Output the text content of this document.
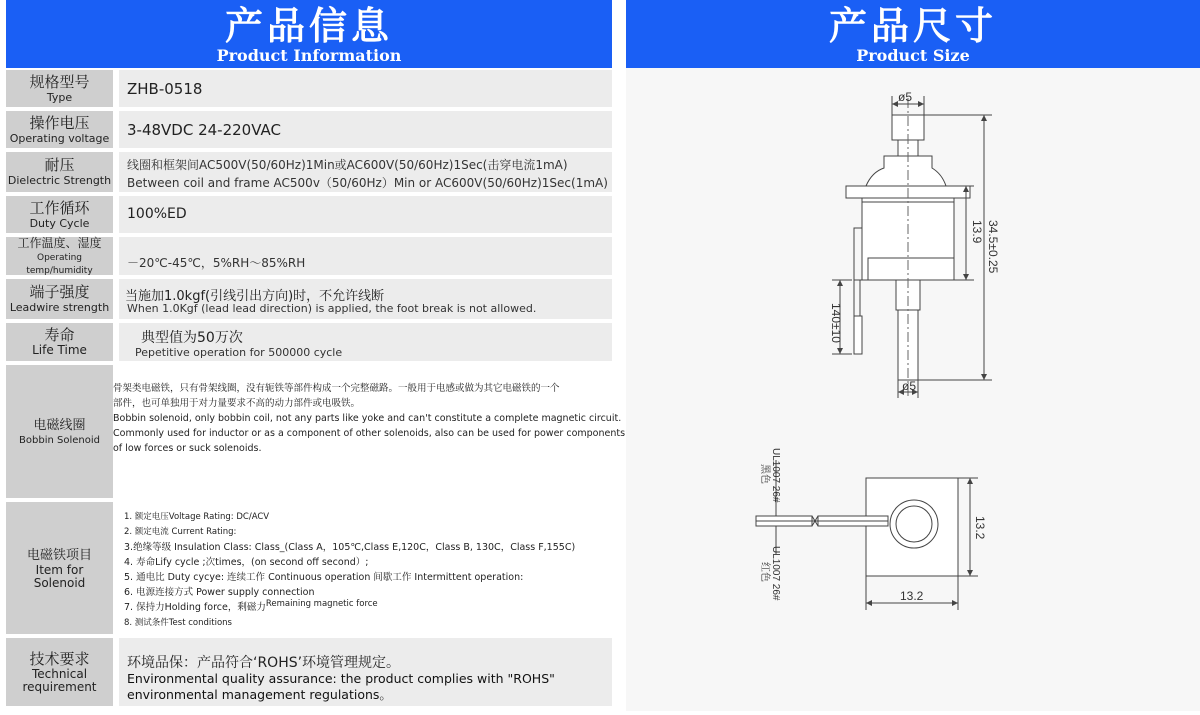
产品信息
Product Information
产品尺寸
Product Size
规格型号
Type	ZHB-0518
操作电压
Operating voltage 3-48VDC 24-220VAC
耐压
Dielectric Strength
线圈和框架间AC500V(50/60Hz)1Min或AC600V(50/60Hz)1Sec(击穿电流1mA)
Between coil and frame AC500v（50/60Hz）Min or AC600V(50/60Hz)1Sec(1mA)
工作循环
Duty Cycle
100%ED
工作温度、湿度
Operating temp/humidity
－20℃-45℃，5%RH～85%RH
端子强度
Leadwire strength
当施加1.0kgf(引线引出方向)时，不允许线断
When 1.0Kgf (lead lead direction) is applied, the foot break is not allowed.
寿命
Life Time
典型值为50万次
Pepetitive operation for 500000 cycle
电磁线圈
Bobbin Solenoid
骨架类电磁铁，只有骨架线圈，没有轭铁等部件构成一个完整磁路。一般用于电感或做为其它电磁铁的一个
部件，也可单独用于对力量要求不高的动力部件或电吸铁。
Bobbin solenoid, only bobbin coil, not any parts like yoke and can't constitute a complete magnetic circuit.
Commonly used for inductor or as a component of other solenoids, also can be used for power components
of low forces or suck solenoids.
电磁铁项目
Item for
Solenoid
1. 额定电压Voltage Rating: DC/ACV
2. 额定电流 Current Rating:
3.绝缘等级 Insulation Class: Class_(Class A，105℃,Class E,120C，Class B, 130C，Class F,155C)
4. 寿命Lify cycle ;次times，(on second off second）;
5. 通电比 Duty cycye: 连续工作 Continuous operation 间歇工作 Intermittent operation:
6. 电源连接方式 Power supply connection
7. 保持力Holding force，剩磁力Remaining magnetic force
8. 测试条件Test conditions
技术要求
Technical
requirement
环境品保：产品符合‘ROHS’环境管理规定。
Environmental quality assurance: the product complies with "ROHS"
environmental management regulations。
ø5
ø5
13.9 34.5±0.25
140±10
13.2
13.2
UL1007 26#
黑色
UL1007 26#
红色
